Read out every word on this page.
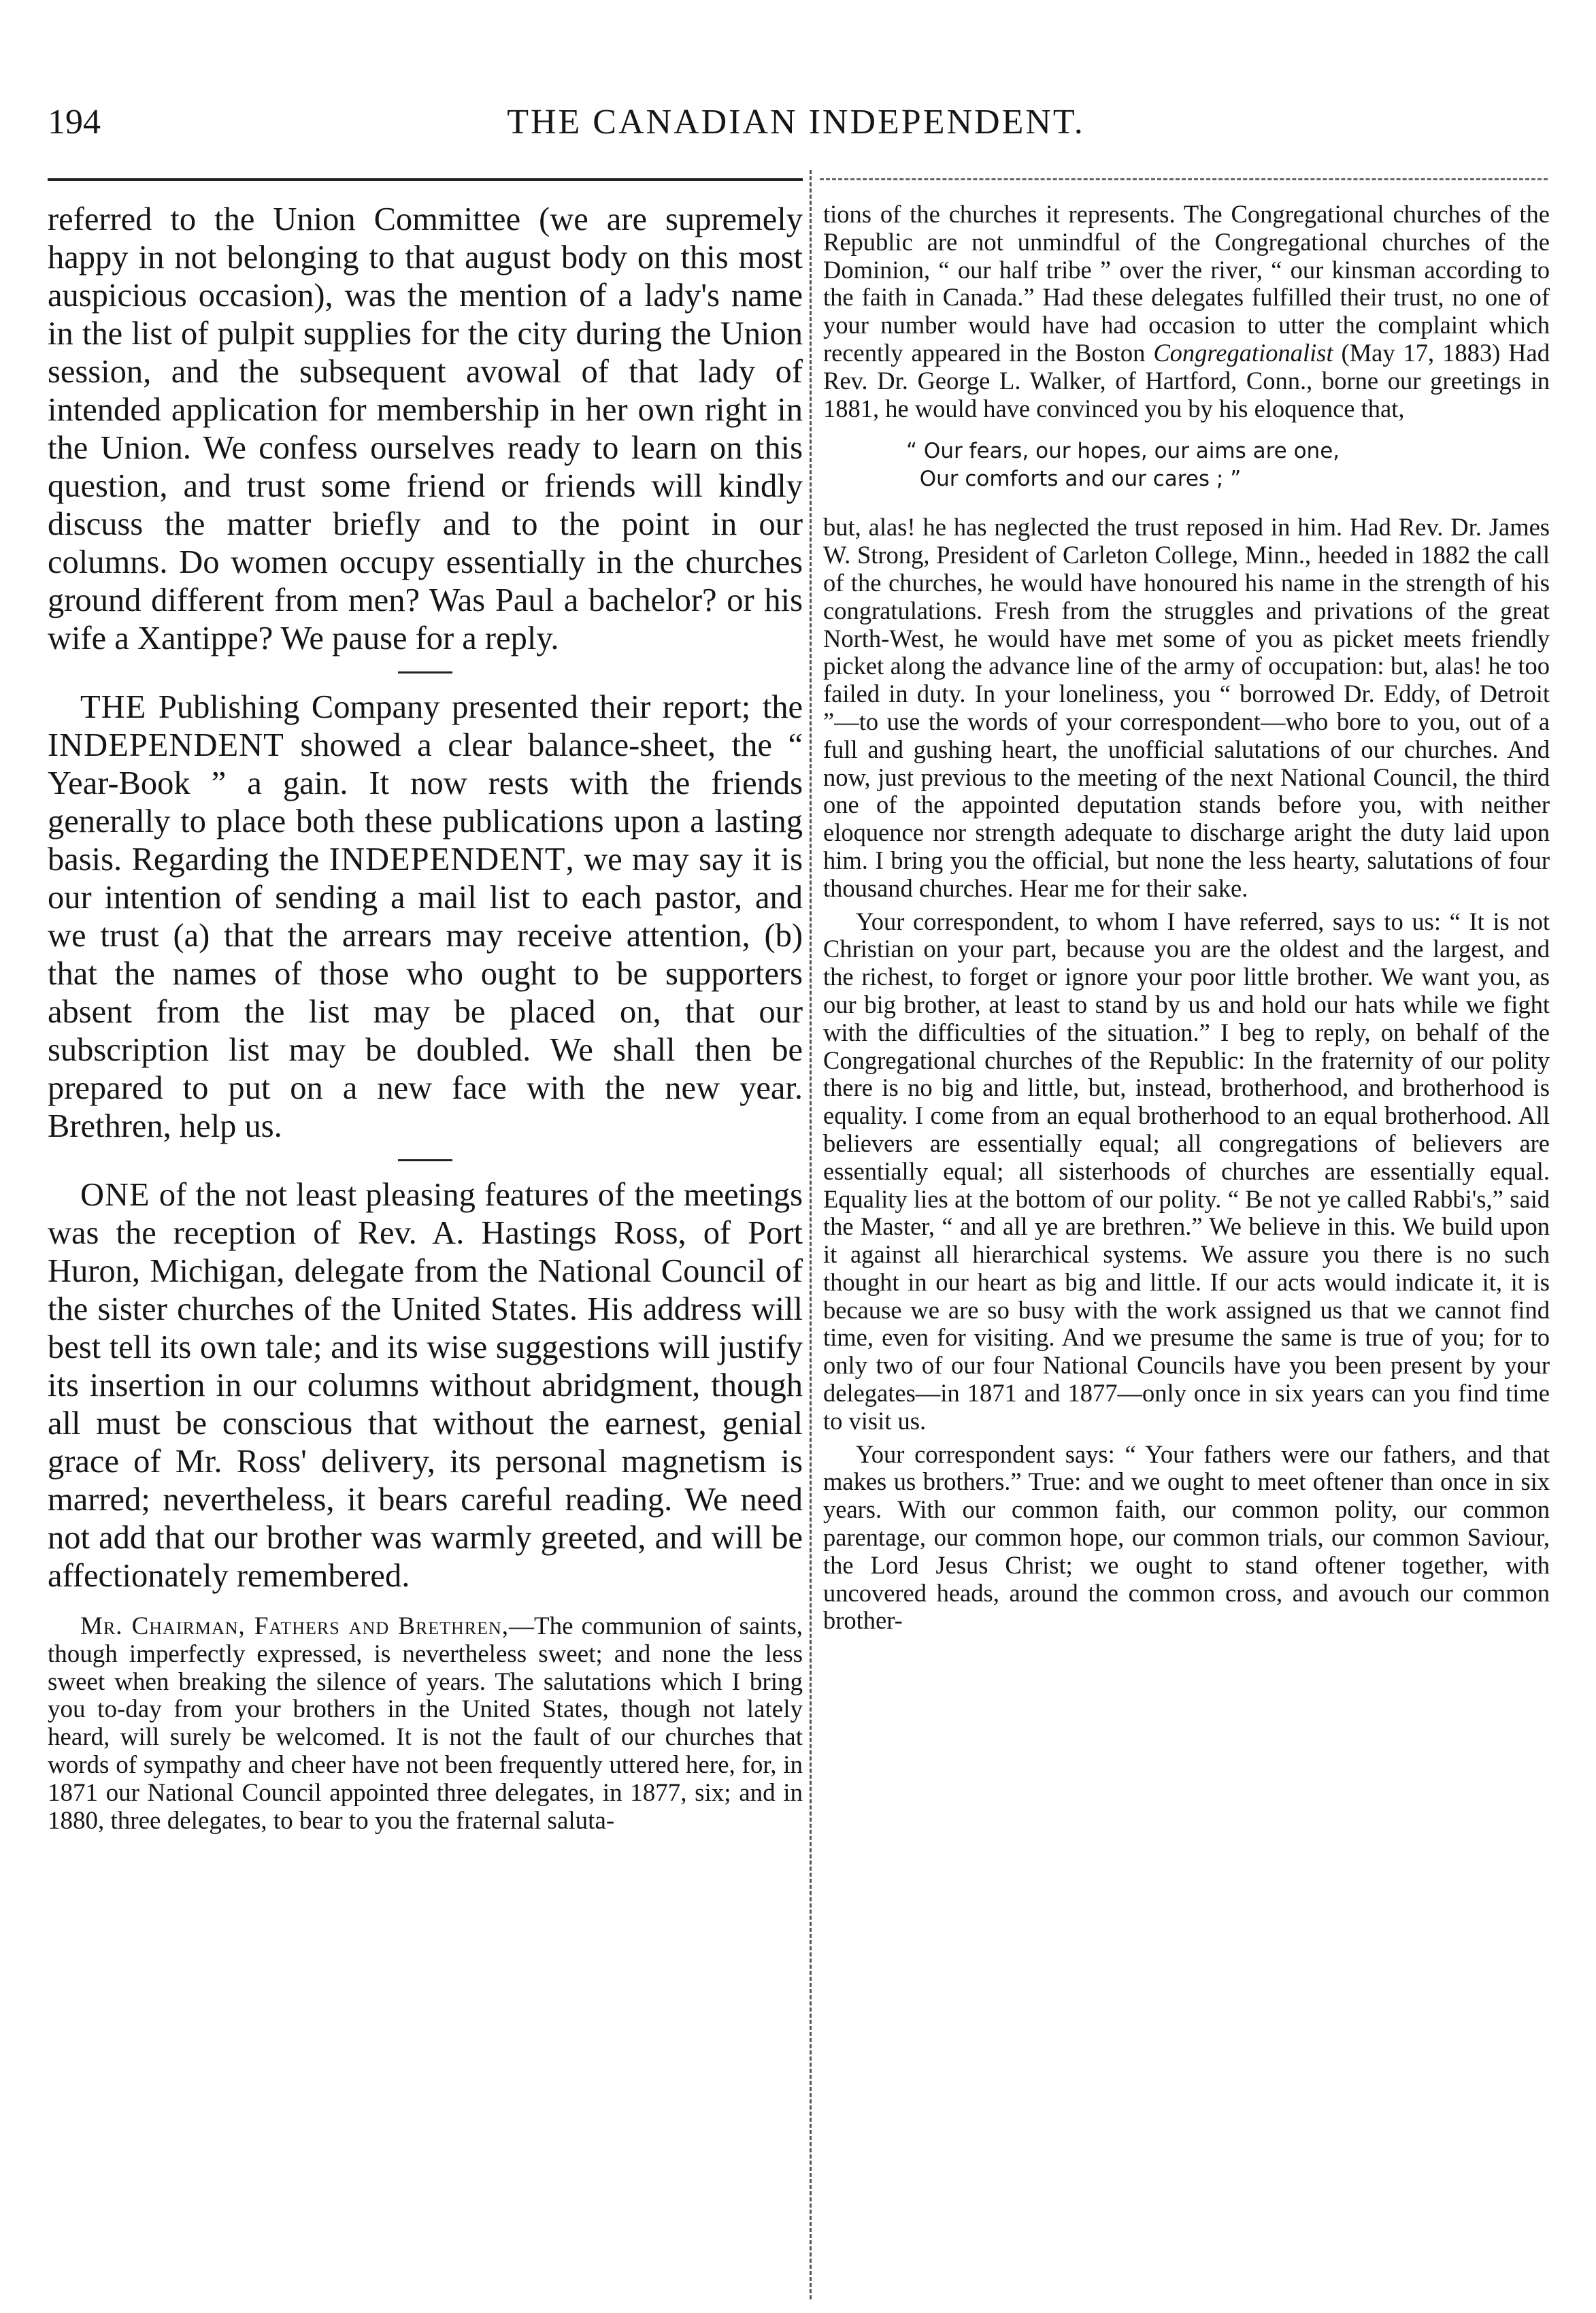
194	THE CANADIAN INDEPENDENT.

referred to the Union Committee (we are supremely happy in not belonging to that august body on this most auspicious occasion), was the mention of a lady's name in the list of pulpit supplies for the city during the Union session, and the subsequent avowal of that lady of intended application for membership in her own right in the Union. We confess ourselves ready to learn on this question, and trust some friend or friends will kindly discuss the matter briefly and to the point in our columns. Do women occupy essentially in the churches ground different from men? Was Paul a bachelor? or his wife a Xantippe? We pause for a reply.

THE Publishing Company presented their report; the INDEPENDENT showed a clear balance-sheet, the “ Year-Book ” a gain. It now rests with the friends generally to place both these publications upon a lasting basis. Regarding the INDEPENDENT, we may say it is our intention of sending a mail list to each pastor, and we trust (a) that the arrears may receive attention, (b) that the names of those who ought to be supporters absent from the list may be placed on, that our subscription list may be doubled. We shall then be prepared to put on a new face with the new year. Brethren, help us.

ONE of the not least pleasing features of the meetings was the reception of Rev. A. Hastings Ross, of Port Huron, Michigan, delegate from the National Council of the sister churches of the United States. His address will best tell its own tale; and its wise suggestions will justify its insertion in our columns without abridgment, though all must be conscious that without the earnest, genial grace of Mr. Ross' delivery, its personal magnetism is marred; nevertheless, it bears careful reading. We need not add that our brother was warmly greeted, and will be affectionately remembered.

Mr. Chairman, Fathers and Brethren,—The communion of saints, though imperfectly expressed, is nevertheless sweet; and none the less sweet when breaking the silence of years. The salutations which I bring you to-day from your brothers in the United States, though not lately heard, will surely be welcomed. It is not the fault of our churches that words of sympathy and cheer have not been frequently uttered here, for, in 1871 our National Council appointed three delegates, in 1877, six; and in 1880, three delegates, to bear to you the fraternal saluta-

tions of the churches it represents. The Congregational churches of the Republic are not unmindful of the Congregational churches of the Dominion, “ our half tribe ” over the river, “ our kinsman according to the faith in Canada.” Had these delegates fulfilled their trust, no one of your number would have had occasion to utter the complaint which recently appeared in the Boston Congregationalist (May 17, 1883) Had Rev. Dr. George L. Walker, of Hartford, Conn., borne our greetings in 1881, he would have convinced you by his eloquence that,

“ Our fears, our hopes, our aims are one,
Our comforts and our cares ; ”

but, alas! he has neglected the trust reposed in him. Had Rev. Dr. James W. Strong, President of Carleton College, Minn., heeded in 1882 the call of the churches, he would have honoured his name in the strength of his congratulations. Fresh from the struggles and privations of the great North-West, he would have met some of you as picket meets friendly picket along the advance line of the army of occupation: but, alas! he too failed in duty. In your loneliness, you “ borrowed Dr. Eddy, of Detroit ”—to use the words of your correspondent—who bore to you, out of a full and gushing heart, the unofficial salutations of our churches. And now, just previous to the meeting of the next National Council, the third one of the appointed deputation stands before you, with neither eloquence nor strength adequate to discharge aright the duty laid upon him. I bring you the official, but none the less hearty, salutations of four thousand churches. Hear me for their sake.

Your correspondent, to whom I have referred, says to us: “ It is not Christian on your part, because you are the oldest and the largest, and the richest, to forget or ignore your poor little brother. We want you, as our big brother, at least to stand by us and hold our hats while we fight with the difficulties of the situation.” I beg to reply, on behalf of the Congregational churches of the Republic: In the fraternity of our polity there is no big and little, but, instead, brotherhood, and brotherhood is equality. I come from an equal brotherhood to an equal brotherhood. All believers are essentially equal; all congregations of believers are essentially equal; all sisterhoods of churches are essentially equal. Equality lies at the bottom of our polity. “ Be not ye called Rabbi's,” said the Master, “ and all ye are brethren.” We believe in this. We build upon it against all hierarchical systems. We assure you there is no such thought in our heart as big and little. If our acts would indicate it, it is because we are so busy with the work assigned us that we cannot find time, even for visiting. And we presume the same is true of you; for to only two of our four National Councils have you been present by your delegates—in 1871 and 1877—only once in six years can you find time to visit us.

Your correspondent says: “ Your fathers were our fathers, and that makes us brothers.” True: and we ought to meet oftener than once in six years. With our common faith, our common polity, our common parentage, our common hope, our common trials, our common Saviour, the Lord Jesus Christ; we ought to stand oftener together, with uncovered heads, around the common cross, and avouch our common brother-
